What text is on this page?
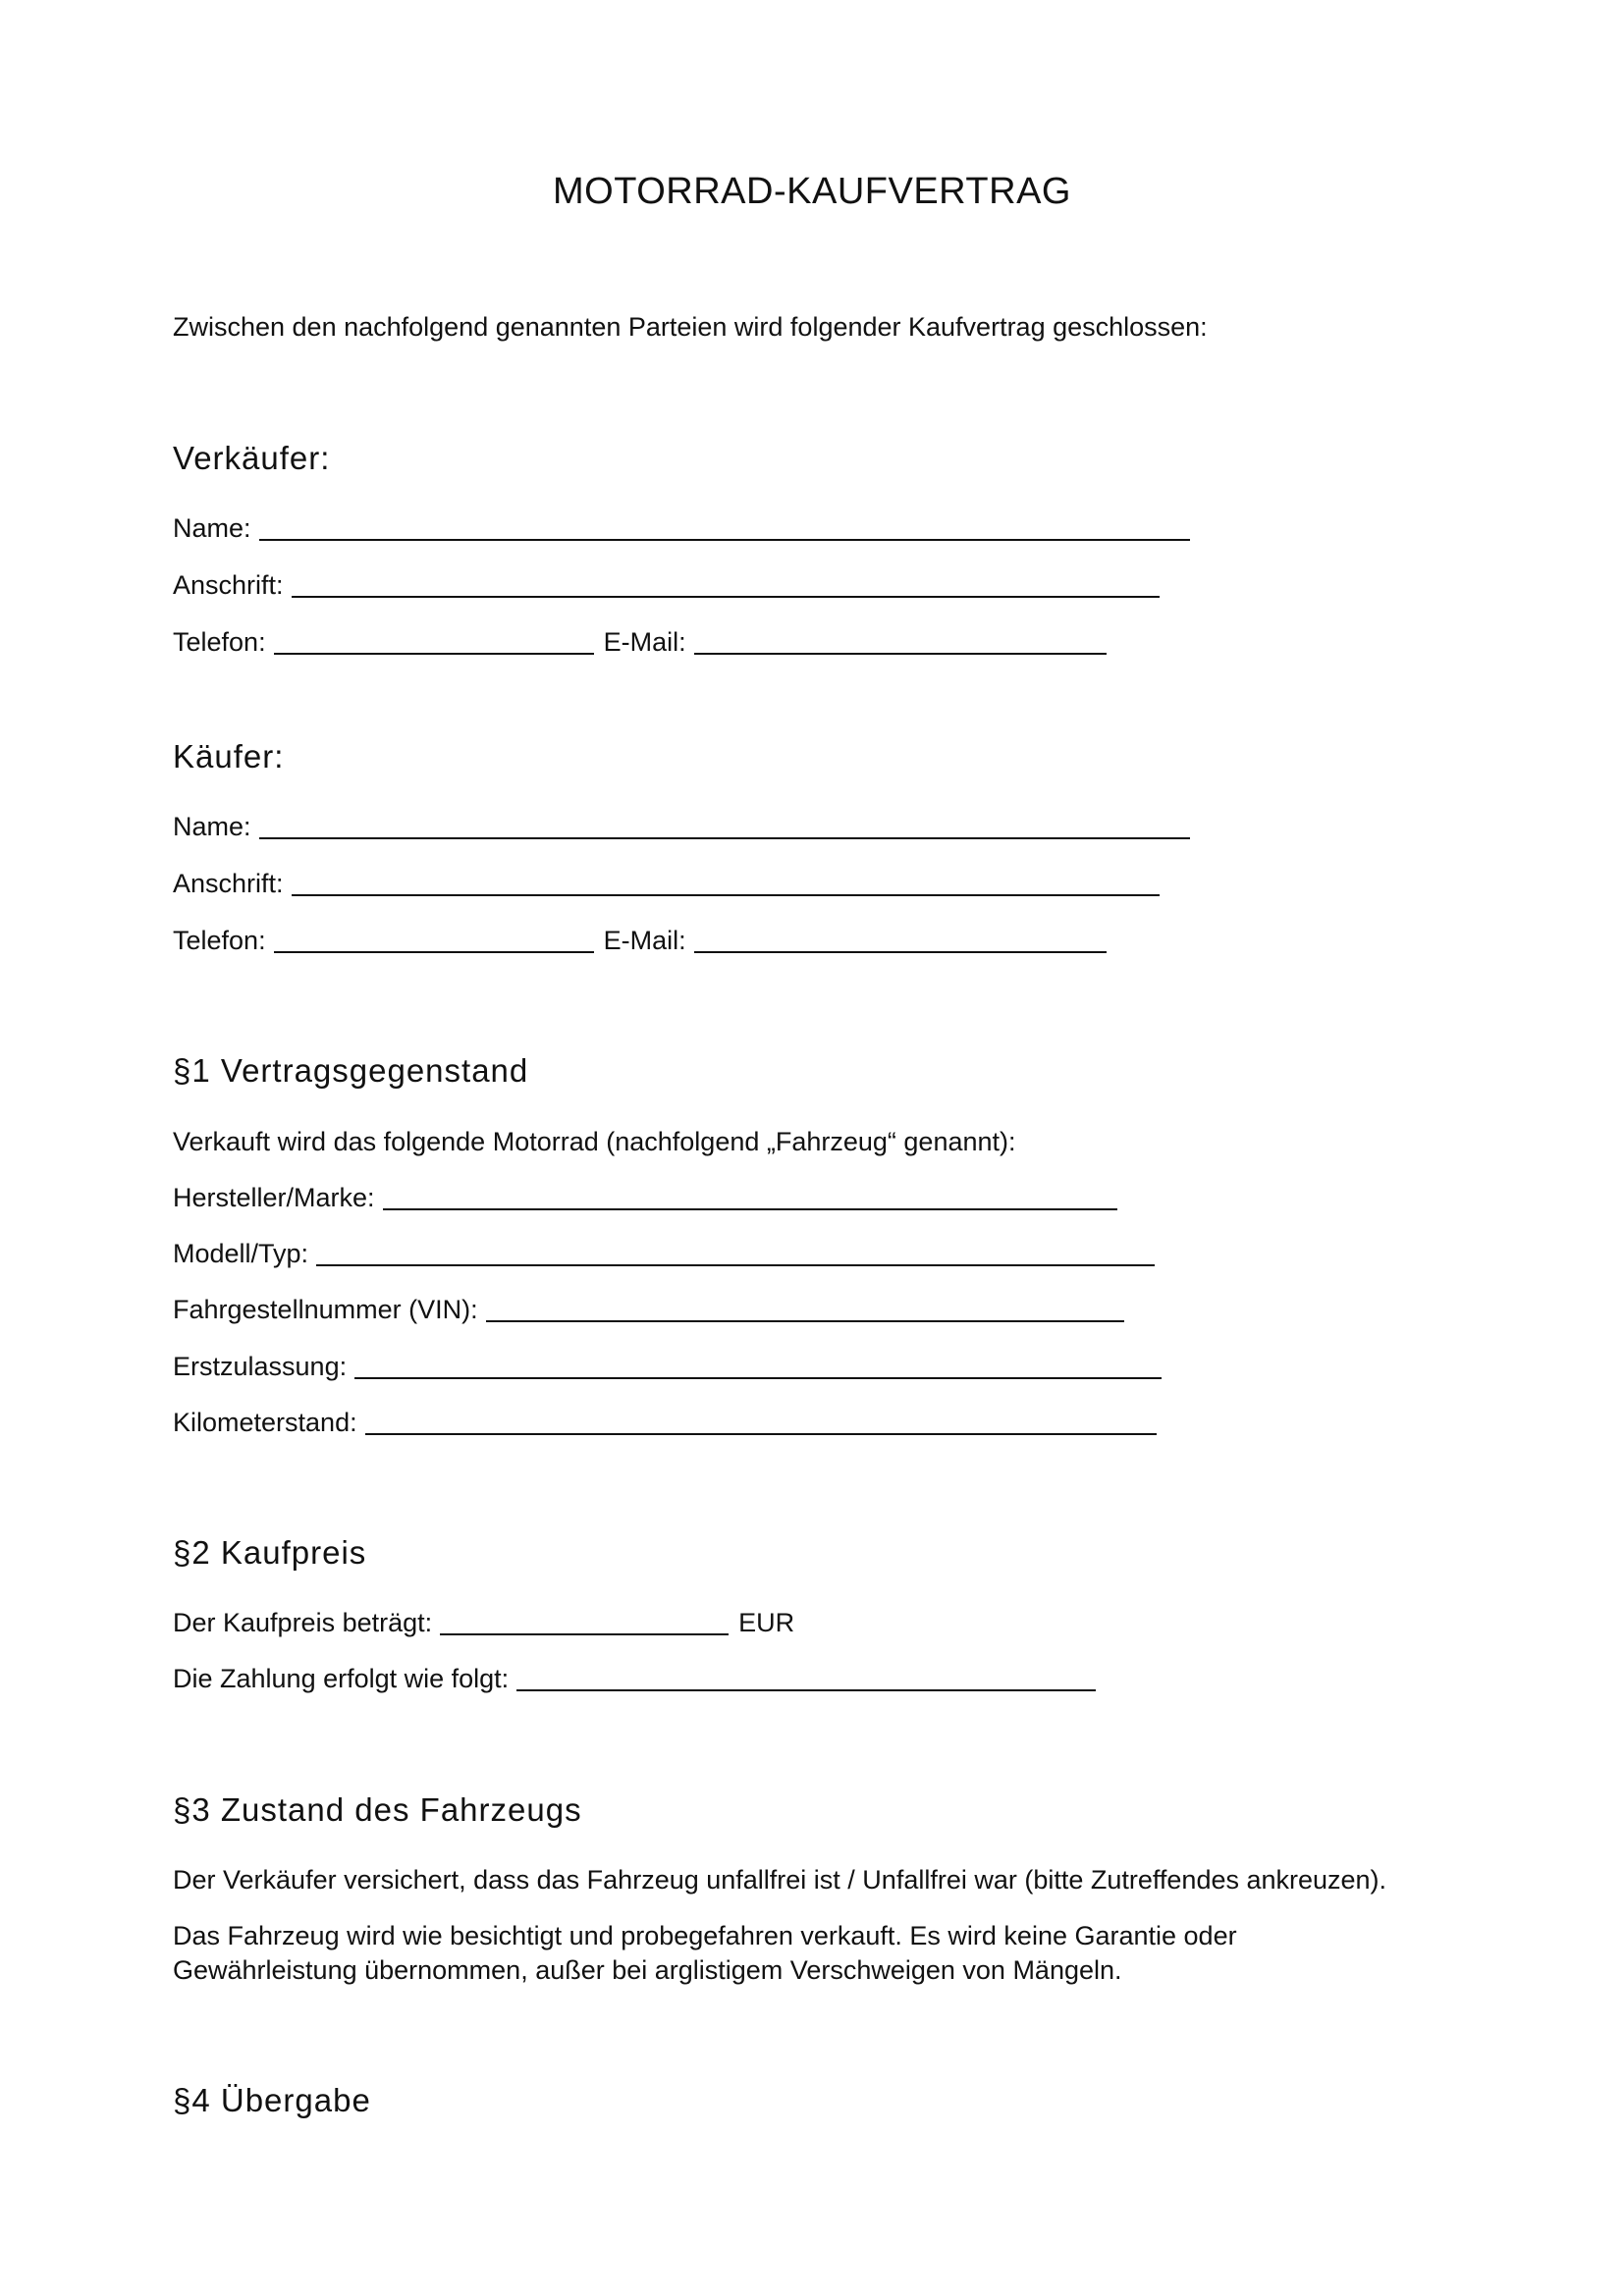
MOTORRAD-KAUFVERTRAG
Zwischen den nachfolgend genannten Parteien wird folgender Kaufvertrag geschlossen:
Verkäufer:
Name:
Anschrift:
Telefon:	E-Mail:
Käufer:
Name:
Anschrift:
Telefon:	E-Mail:
§1 Vertragsgegenstand
Verkauft wird das folgende Motorrad (nachfolgend „Fahrzeug“ genannt):
Hersteller/Marke:
Modell/Typ:
Fahrgestellnummer (VIN):
Erstzulassung:
Kilometerstand:
§2 Kaufpreis
Der Kaufpreis beträgt:	EUR
Die Zahlung erfolgt wie folgt:
§3 Zustand des Fahrzeugs
Der Verkäufer versichert, dass das Fahrzeug unfallfrei ist / Unfallfrei war (bitte Zutreffendes ankreuzen).
Das Fahrzeug wird wie besichtigt und probegefahren verkauft. Es wird keine Garantie oder
Gewährleistung übernommen, außer bei arglistigem Verschweigen von Mängeln.
§4 Übergabe
